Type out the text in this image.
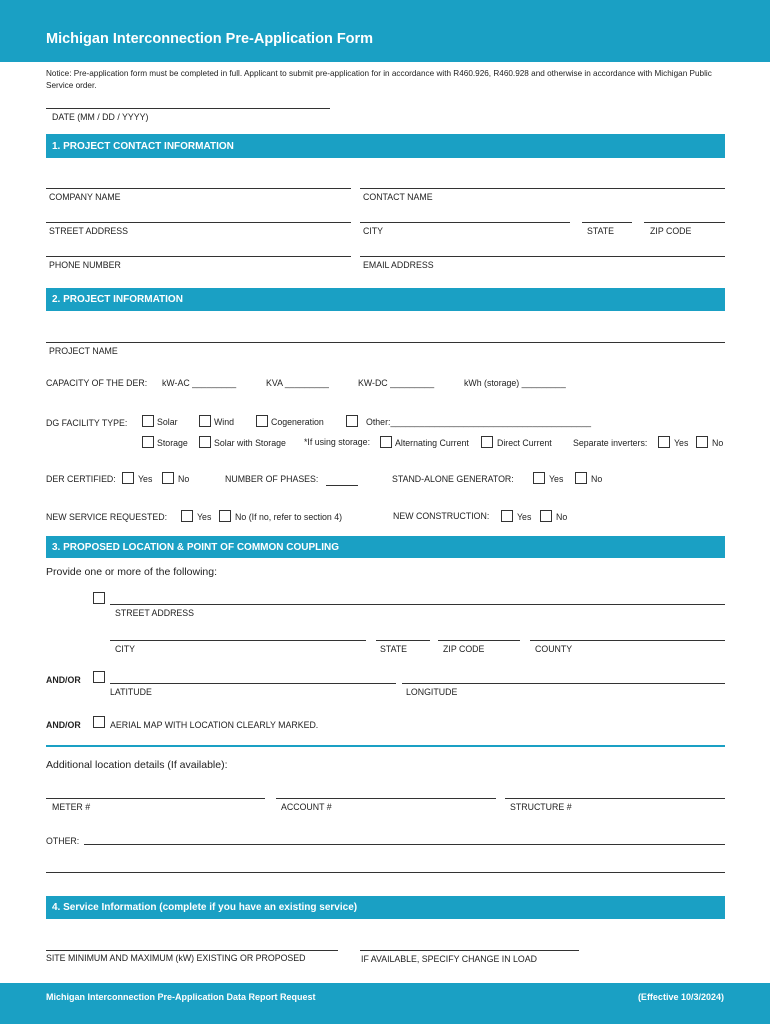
Michigan Interconnection Pre-Application Form
Notice: Pre-application form must be completed in full. Applicant to submit pre-application for in accordance with R460.926, R460.928 and otherwise in accordance with Michigan Public Service order.
DATE (MM / DD / YYYY)
1. PROJECT CONTACT INFORMATION
COMPANY NAME	CONTACT NAME
STREET ADDRESS	CITY	STATE	ZIP CODE
PHONE NUMBER	EMAIL ADDRESS
2. PROJECT INFORMATION
PROJECT NAME
CAPACITY OF THE DER: kW-AC _________	KVA _________	KW-DC _________	kWh (storage) _________
DG FACILITY TYPE:	Solar	Wind	Cogeneration	Other:_________________________________________
Storage	Solar with Storage *If using storage:	Alternating Current	Direct Current Separate inverters:	Yes	No
DER CERTIFIED:	Yes	No	NUMBER OF PHASES:	STAND-ALONE GENERATOR:	Yes	No
NEW SERVICE REQUESTED:	Yes	No (If no, refer to section 4)	NEW CONSTRUCTION:	Yes	No
3. PROPOSED LOCATION & POINT OF COMMON COUPLING
Provide one or more of the following:
STREET ADDRESS
CITY	STATE	ZIP CODE	COUNTY
AND/OR
LATITUDE	LONGITUDE
AND/OR	AERIAL MAP WITH LOCATION CLEARLY MARKED.
Additional location details (If available):
METER #	ACCOUNT #	STRUCTURE #
OTHER:
4. Service Information (complete if you have an existing service)
SITE MINIMUM AND MAXIMUM (kW) EXISTING OR PROPOSED	IF AVAILABLE, SPECIFY CHANGE IN LOAD
Michigan Interconnection Pre-Application Data Report Request	(Effective 10/3/2024)
